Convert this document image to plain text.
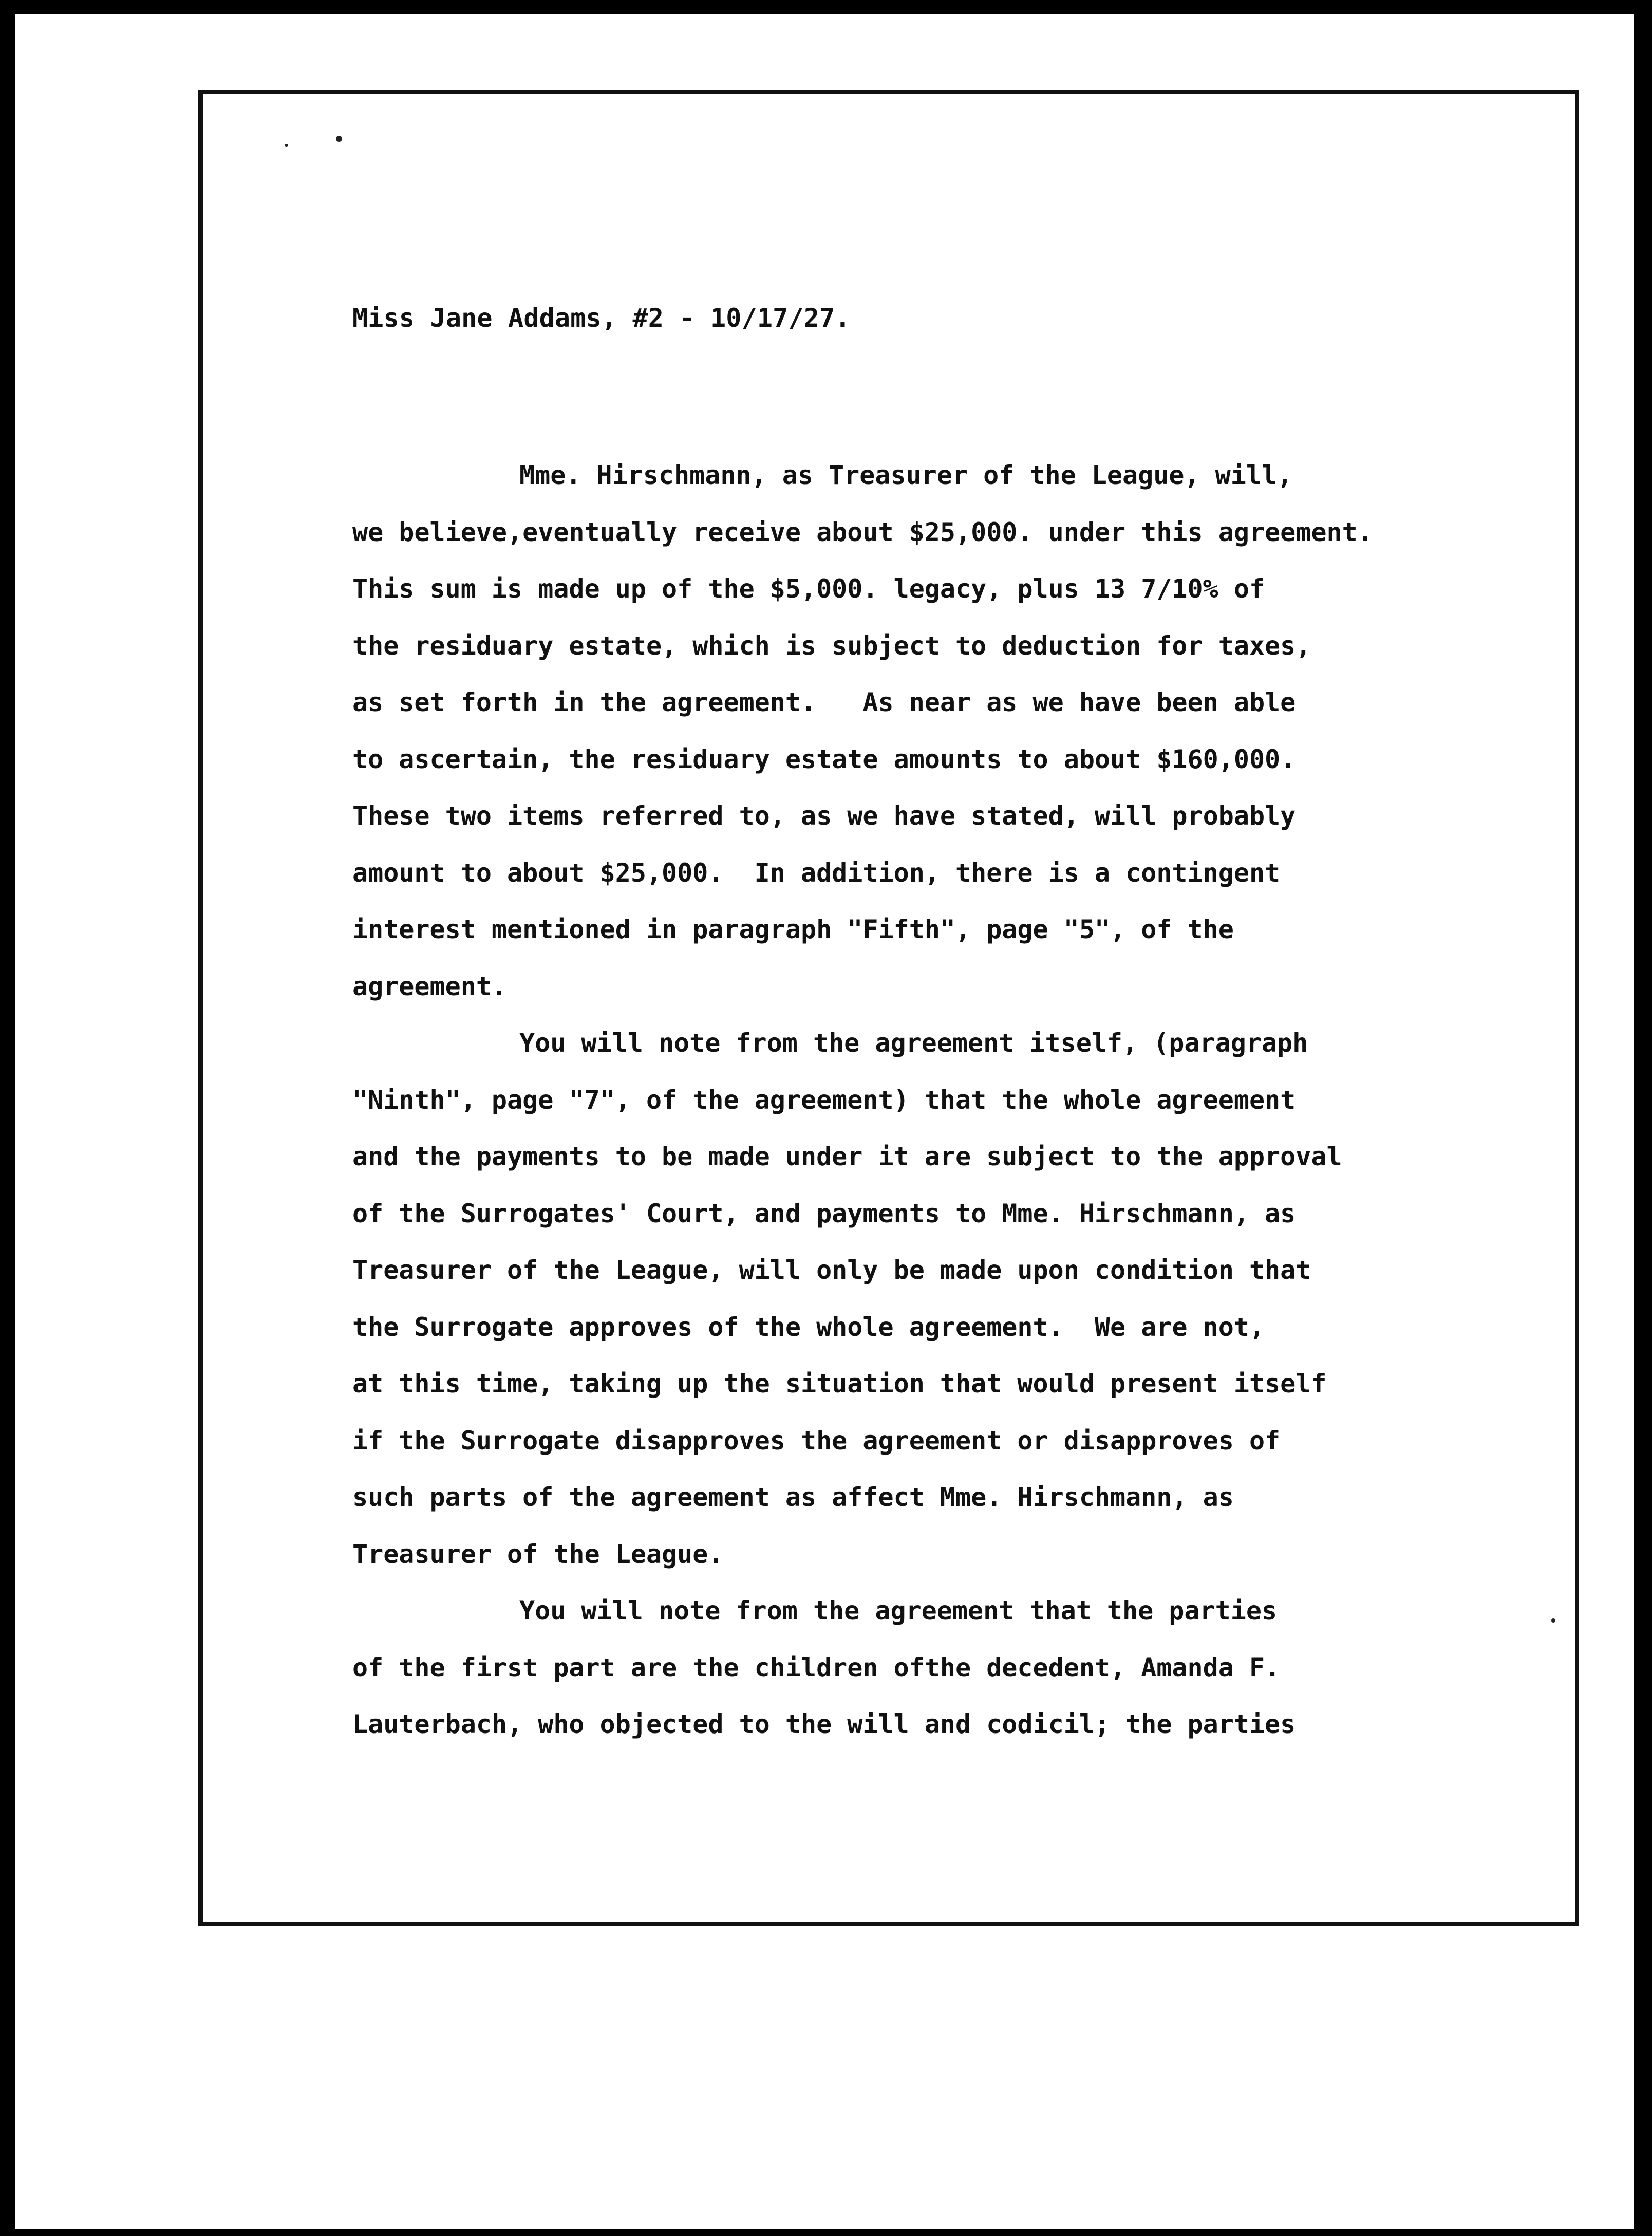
Miss Jane Addams, #2 - 10/17/27.
Mme. Hirschmann, as Treasurer of the League, will,
we believe,eventually receive about $25,000. under this agreement.
This sum is made up of the $5,000. legacy, plus 13 7/10% of
the residuary estate, which is subject to deduction for taxes,
as set forth in the agreement.   As near as we have been able
to ascertain, the residuary estate amounts to about $160,000.
These two items referred to, as we have stated, will probably
amount to about $25,000.  In addition, there is a contingent
interest mentioned in paragraph "Fifth", page "5", of the
agreement.
You will note from the agreement itself, (paragraph
"Ninth", page "7", of the agreement) that the whole agreement
and the payments to be made under it are subject to the approval
of the Surrogates' Court, and payments to Mme. Hirschmann, as
Treasurer of the League, will only be made upon condition that
the Surrogate approves of the whole agreement.  We are not,
at this time, taking up the situation that would present itself
if the Surrogate disapproves the agreement or disapproves of
such parts of the agreement as affect Mme. Hirschmann, as
Treasurer of the League.
You will note from the agreement that the parties
of the first part are the children ofthe decedent, Amanda F.
Lauterbach, who objected to the will and codicil; the parties
